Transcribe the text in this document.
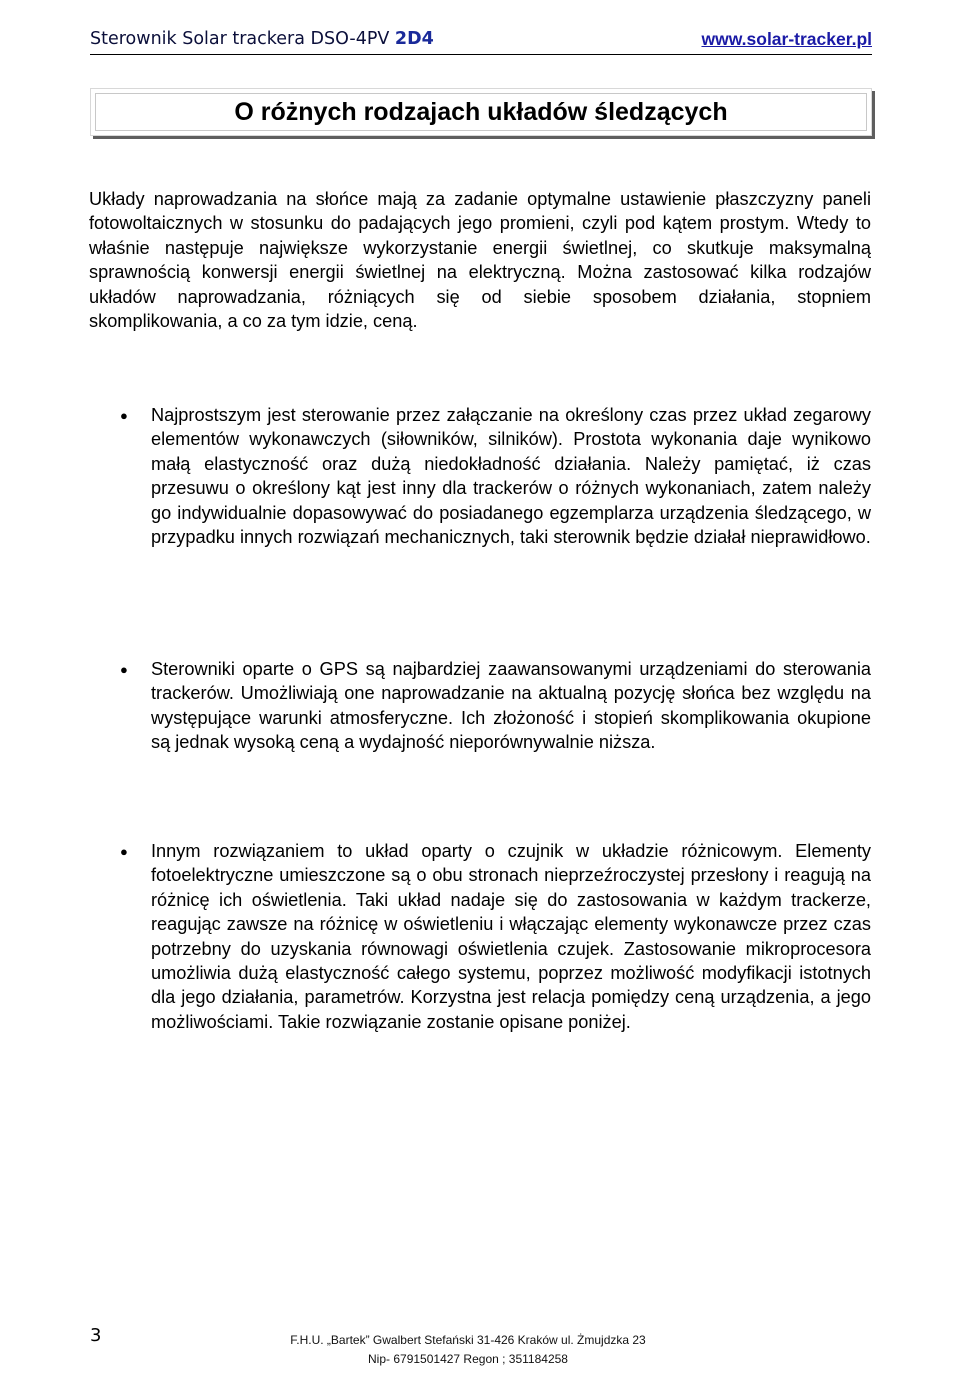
Sterownik Solar trackera DSO-4PV 2D4	www.solar-tracker.pl
O różnych rodzajach układów śledzących

Układy naprowadzania na słońce mają za zadanie optymalne ustawienie płaszczyzny paneli fotowoltaicznych w stosunku do padających jego promieni, czyli pod kątem prostym. Wtedy to właśnie następuje największe wykorzystanie energii świetlnej, co skutkuje maksymalną sprawnością konwersji energii świetlnej na elektryczną. Można zastosować kilka rodzajów układów naprowadzania, różniących się od siebie sposobem działania, stopniem skomplikowania, a co za tym idzie, ceną.

● Najprostszym jest sterowanie przez załączanie na określony czas przez układ zegarowy elementów wykonawczych (siłowników, silników). Prostota wykonania daje wynikowo małą elastyczność oraz dużą niedokładność działania. Należy pamiętać, iż czas przesuwu o określony kąt jest inny dla trackerów o różnych wykonaniach, zatem należy go indywidualnie dopasowywać do posiadanego egzemplarza urządzenia śledzącego, w przypadku innych rozwiązań mechanicznych, taki sterownik będzie działał nieprawidłowo.

● Sterowniki oparte o GPS są najbardziej zaawansowanymi urządzeniami do sterowania trackerów. Umożliwiają one naprowadzanie na aktualną pozycję słońca bez względu na występujące warunki atmosferyczne. Ich złożoność i stopień skomplikowania okupione są jednak wysoką ceną a wydajność nieporównywalnie niższa.

● Innym rozwiązaniem to układ oparty o czujnik w układzie różnicowym. Elementy fotoelektryczne umieszczone są o obu stronach nieprzeźroczystej przesłony i reagują na różnicę ich oświetlenia. Taki układ nadaje się do zastosowania w każdym trackerze, reagując zawsze na różnicę w oświetleniu i włączając elementy wykonawcze przez czas potrzebny do uzyskania równowagi oświetlenia czujek. Zastosowanie mikroprocesora umożliwia dużą elastyczność całego systemu, poprzez możliwość modyfikacji istotnych dla jego działania, parametrów. Korzystna jest relacja pomiędzy ceną urządzenia, a jego możliwościami. Takie rozwiązanie zostanie opisane poniżej.

3	F.H.U. „Bartek” Gwalbert Stefański 31-426 Kraków ul. Żmujdzka 23
Nip- 6791501427 Regon ; 351184258
